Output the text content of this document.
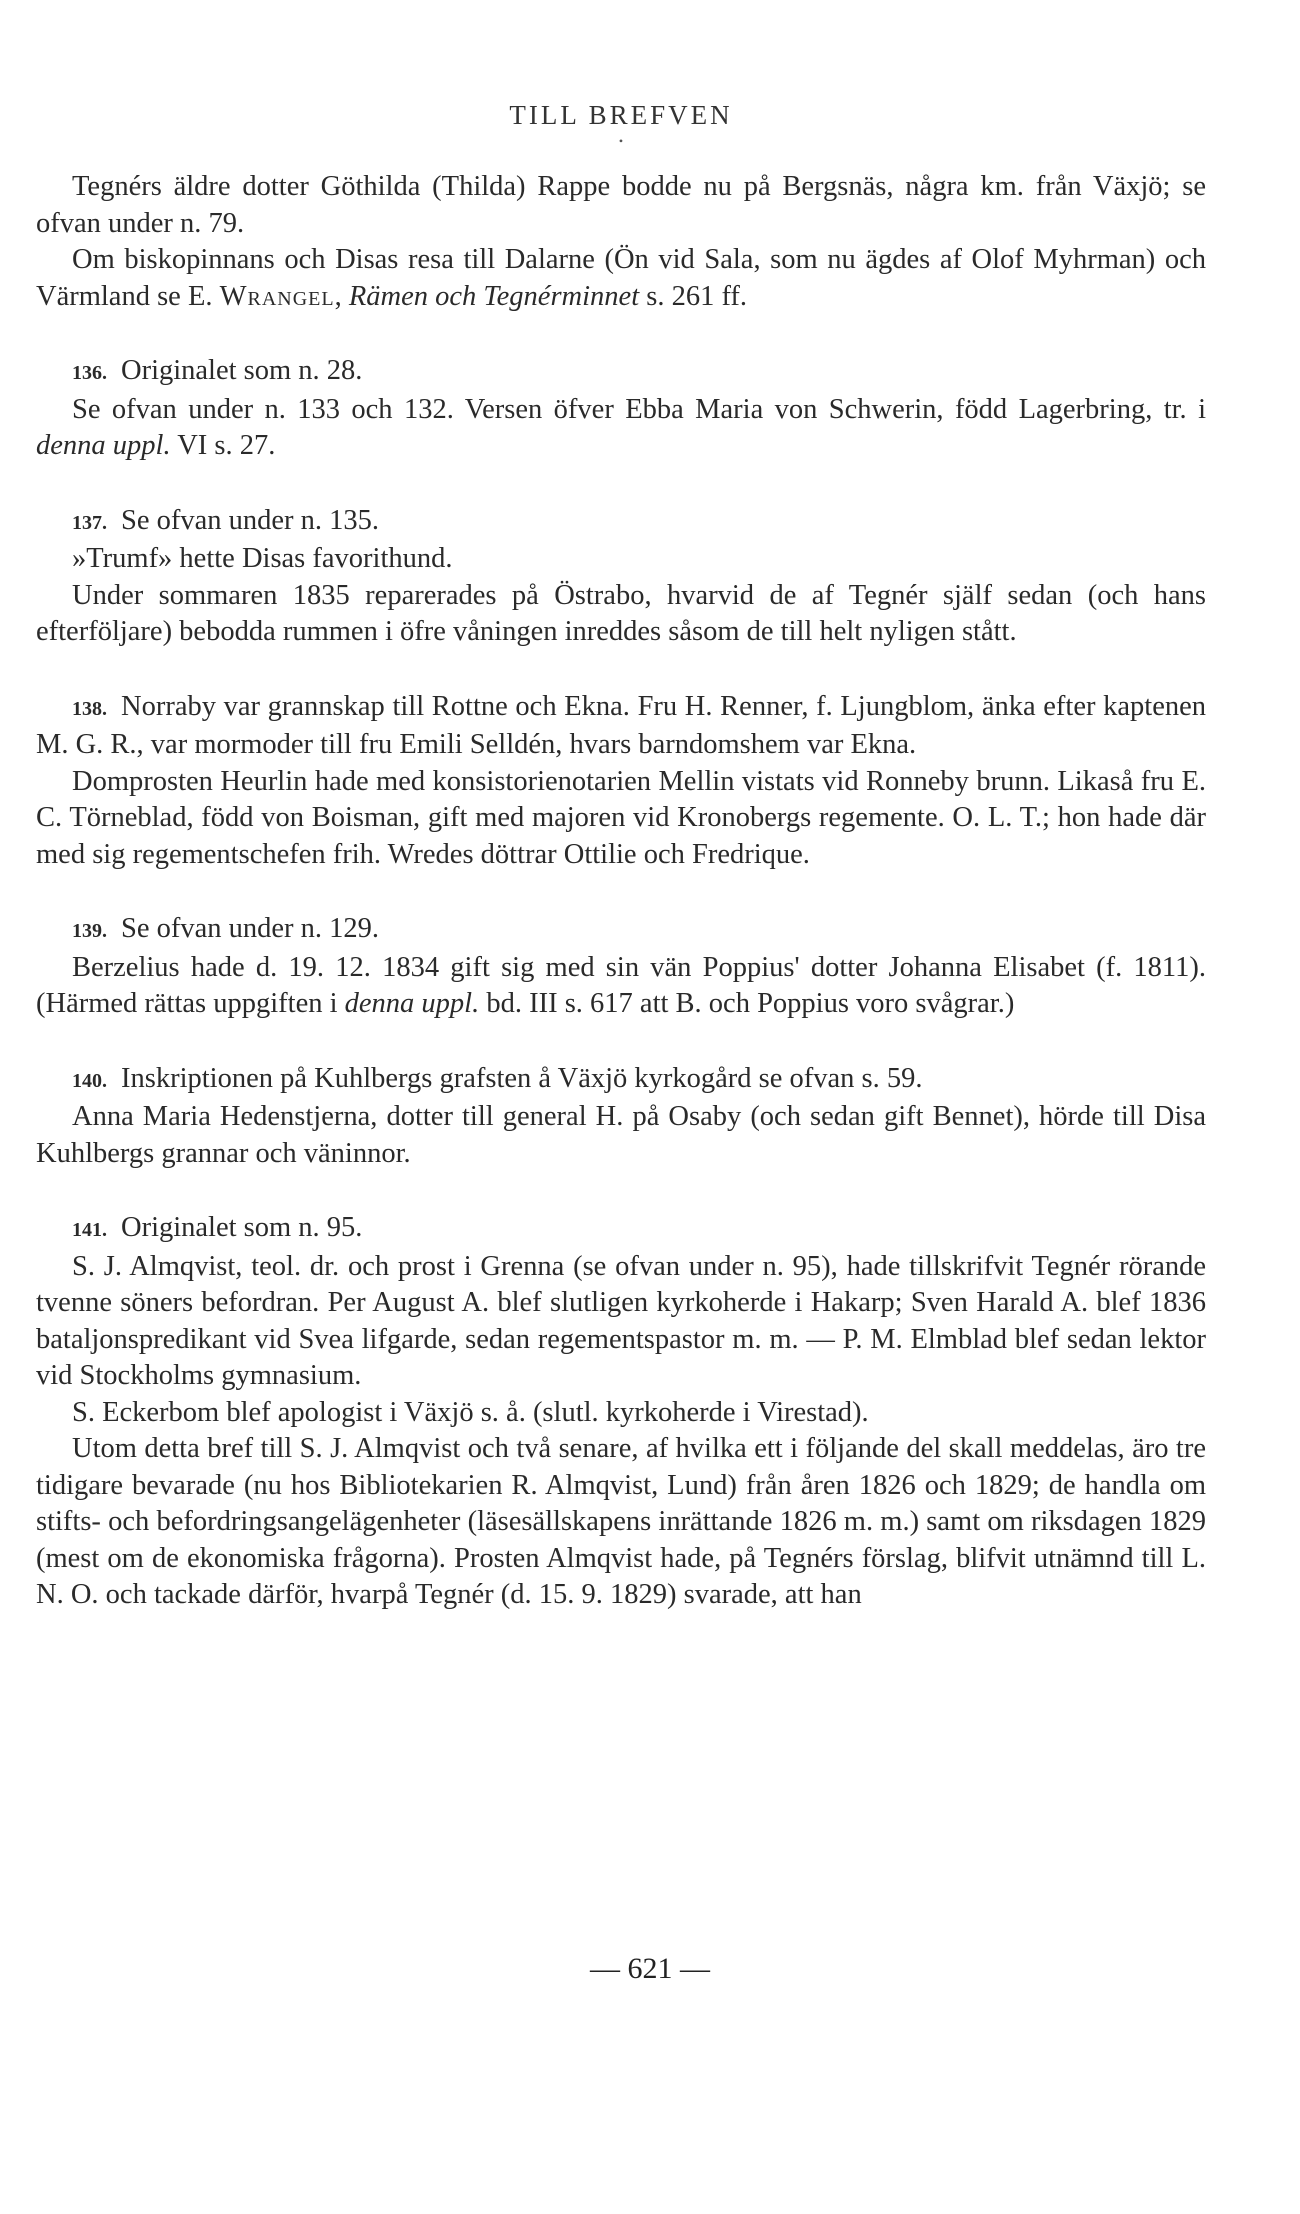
TILL BREFVEN
•

Tegnérs äldre dotter Göthilda (Thilda) Rappe bodde nu på Bergsnäs, några km. från Växjö; se ofvan under n. 79.

Om biskopinnans och Disas resa till Dalarne (Ön vid Sala, som nu ägdes af Olof Myhrman) och Värmland se E. Wrangel, Rämen och Tegnérminnet s. 261 ff.

136. Originalet som n. 28.

Se ofvan under n. 133 och 132. Versen öfver Ebba Maria von Schwerin, född Lagerbring, tr. i denna uppl. VI s. 27.

137. Se ofvan under n. 135.

»Trumf» hette Disas favorithund.

Under sommaren 1835 reparerades på Östrabo, hvarvid de af Tegnér själf sedan (och hans efterföljare) bebodda rummen i öfre våningen inreddes såsom de till helt nyligen stått.

138. Norraby var grannskap till Rottne och Ekna. Fru H. Renner, f. Ljungblom, änka efter kaptenen M. G. R., var mormoder till fru Emili Selldén, hvars barndomshem var Ekna.

Domprosten Heurlin hade med konsistorienotarien Mellin vistats vid Ronneby brunn. Likaså fru E. C. Törneblad, född von Boisman, gift med majoren vid Kronobergs regemente. O. L. T.; hon hade där med sig regementschefen frih. Wredes döttrar Ottilie och Fredrique.

139. Se ofvan under n. 129.

Berzelius hade d. 19. 12. 1834 gift sig med sin vän Poppius' dotter Johanna Elisabet (f. 1811). (Härmed rättas uppgiften i denna uppl. bd. III s. 617 att B. och Poppius voro svågrar.)

140. Inskriptionen på Kuhlbergs grafsten å Växjö kyrkogård se ofvan s. 59.

Anna Maria Hedenstjerna, dotter till general H. på Osaby (och sedan gift Bennet), hörde till Disa Kuhlbergs grannar och väninnor.

141. Originalet som n. 95.

S. J. Almqvist, teol. dr. och prost i Grenna (se ofvan under n. 95), hade tillskrifvit Tegnér rörande tvenne söners befordran. Per August A. blef slutligen kyrkoherde i Hakarp; Sven Harald A. blef 1836 bataljonspredikant vid Svea lifgarde, sedan regementspastor m. m. — P. M. Elmblad blef sedan lektor vid Stockholms gymnasium.

S. Eckerbom blef apologist i Växjö s. å. (slutl. kyrkoherde i Virestad).

Utom detta bref till S. J. Almqvist och två senare, af hvilka ett i följande del skall meddelas, äro tre tidigare bevarade (nu hos Bibliotekarien R. Almqvist, Lund) från åren 1826 och 1829; de handla om stifts- och befordringsangelägenheter (läsesällskapens inrättande 1826 m. m.) samt om riksdagen 1829 (mest om de ekonomiska frågorna). Prosten Almqvist hade, på Tegnérs förslag, blifvit utnämnd till L. N. O. och tackade därför, hvarpå Tegnér (d. 15. 9. 1829) svarade, att han

— 621 —
